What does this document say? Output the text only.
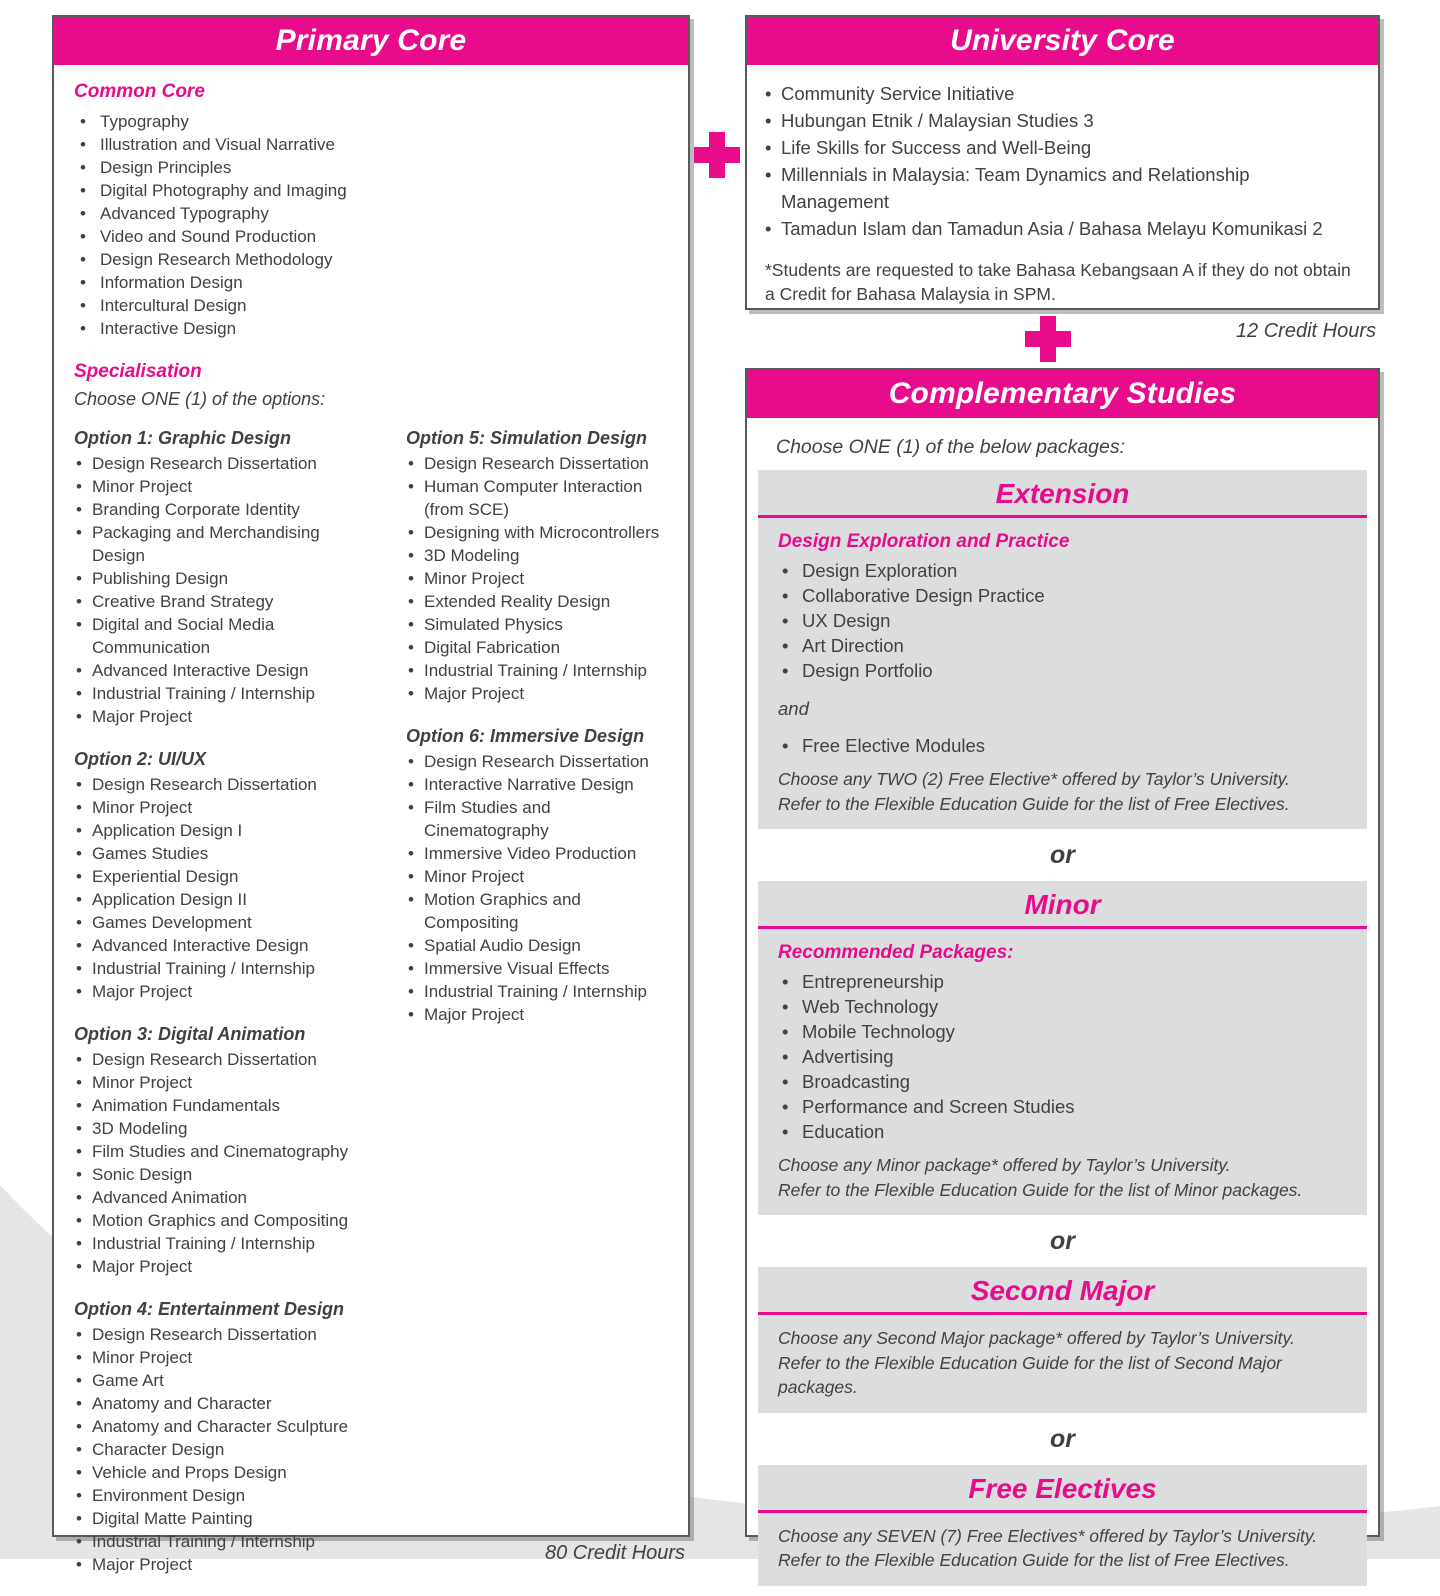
12 Credit Hours
80 Credit Hours
Primary Core
Common Core
• Typography
• Illustration and Visual Narrative
• Design Principles
• Digital Photography and Imaging
• Advanced Typography
• Video and Sound Production
• Design Research Methodology
• Information Design
• Intercultural Design
• Interactive Design
Specialisation

Choose ONE (1) of the options:

Option 1: Graphic Design
• Design Research Dissertation
• Minor Project
• Branding Corporate Identity
• Packaging and Merchandising Design
• Publishing Design
• Creative Brand Strategy
• Digital and Social Media Communication
• Advanced Interactive Design
• Industrial Training / Internship
• Major Project
Option 2: UI/UX
• Design Research Dissertation
• Minor Project
• Application Design I
• Games Studies
• Experiential Design
• Application Design II
• Games Development
• Advanced Interactive Design
• Industrial Training / Internship
• Major Project
Option 3: Digital Animation
• Design Research Dissertation
• Minor Project
• Animation Fundamentals
• 3D Modeling
• Film Studies and Cinematography
• Sonic Design
• Advanced Animation
• Motion Graphics and Compositing
• Industrial Training / Internship
• Major Project
Option 4: Entertainment Design
• Design Research Dissertation
• Minor Project
• Game Art
• Anatomy and Character
• Anatomy and Character Sculpture
• Character Design
• Vehicle and Props Design
• Environment Design
• Digital Matte Painting
• Industrial Training / Internship
• Major Project
Option 5: Simulation Design
• Design Research Dissertation
• Human Computer Interaction (from SCE)
• Designing with Microcontrollers
• 3D Modeling
• Minor Project
• Extended Reality Design
• Simulated Physics
• Digital Fabrication
• Industrial Training / Internship
• Major Project
Option 6: Immersive Design
• Design Research Dissertation
• Interactive Narrative Design
• Film Studies and Cinematography
• Immersive Video Production
• Minor Project
• Motion Graphics and Compositing
• Spatial Audio Design
• Immersive Visual Effects
• Industrial Training / Internship
• Major Project
University Core
• Community Service Initiative
• Hubungan Etnik / Malaysian Studies 3
• Life Skills for Success and Well-Being
• Millennials in Malaysia: Team Dynamics and Relationship Management
• Tamadun Islam dan Tamadun Asia / Bahasa Melayu Komunikasi 2

*Students are requested to take Bahasa Kebangsaan A if they do not obtain a Credit for Bahasa Malaysia in SPM.

Complementary Studies

Choose ONE (1) of the below packages:

Extension
Design Exploration and Practice
• Design Exploration
• Collaborative Design Practice
• UX Design
• Art Direction
• Design Portfolio

and

• Free Elective Modules

Choose any TWO (2) Free Elective* offered by Taylor’s University.

Refer to the Flexible Education Guide for the list of Free Electives.

or
Minor
Recommended Packages:
• Entrepreneurship
• Web Technology
• Mobile Technology
• Advertising
• Broadcasting
• Performance and Screen Studies
• Education

Choose any Minor package* offered by Taylor’s University.

Refer to the Flexible Education Guide for the list of Minor packages.

or
Second Major

Choose any Second Major package* offered by Taylor’s University.

Refer to the Flexible Education Guide for the list of Second Major packages.

or
Free Electives

Choose any SEVEN (7) Free Electives* offered by Taylor’s University.

Refer to the Flexible Education Guide for the list of Free Electives.
